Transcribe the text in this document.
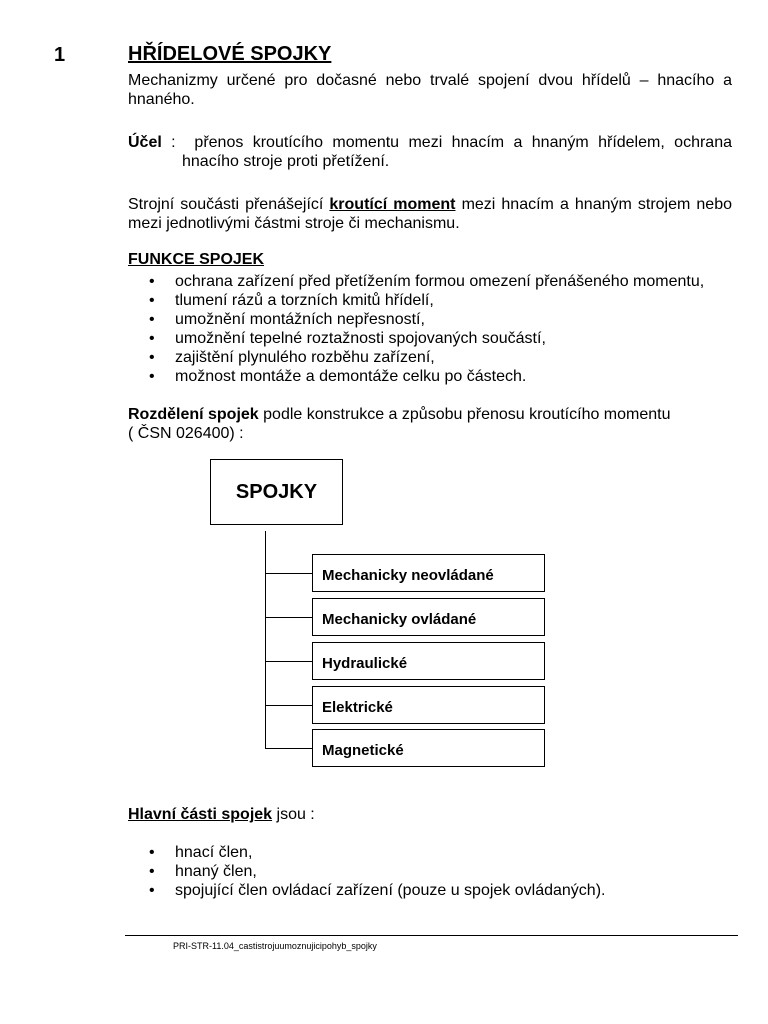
1	HŘÍDELOVÉ SPOJKY
Mechanizmy určené pro dočasné nebo trvalé spojení dvou hřídelů – hnacího a hnaného.
Účel :  přenos kroutícího momentu mezi hnacím a hnaným hřídelem, ochrana
hnacího stroje proti přetížení.
Strojní součásti přenášející kroutící moment mezi hnacím a hnaným strojem nebo mezi jednotlivými částmi stroje či mechanismu.
FUNKCE SPOJEK
• ochrana zařízení před přetížením formou omezení přenášeného momentu,
• tlumení rázů a torzních kmitů hřídelí,
• umožnění montážních nepřesností,
• umožnění tepelné roztažnosti spojovaných součástí,
• zajištění plynulého rozběhu zařízení,
• možnost montáže a demontáže celku po částech.
Rozdělení spojek podle konstrukce a způsobu přenosu kroutícího momentu
( ČSN 026400) :
SPOJKY
Mechanicky neovládané
Mechanicky ovládané
Hydraulické
Elektrické
Magnetické
Hlavní části spojek jsou :
• hnací člen,
• hnaný člen,
• spojující člen ovládací zařízení (pouze u spojek ovládaných).
PRI-STR-11.04_castistrojuumoznujicipohyb_spojky
